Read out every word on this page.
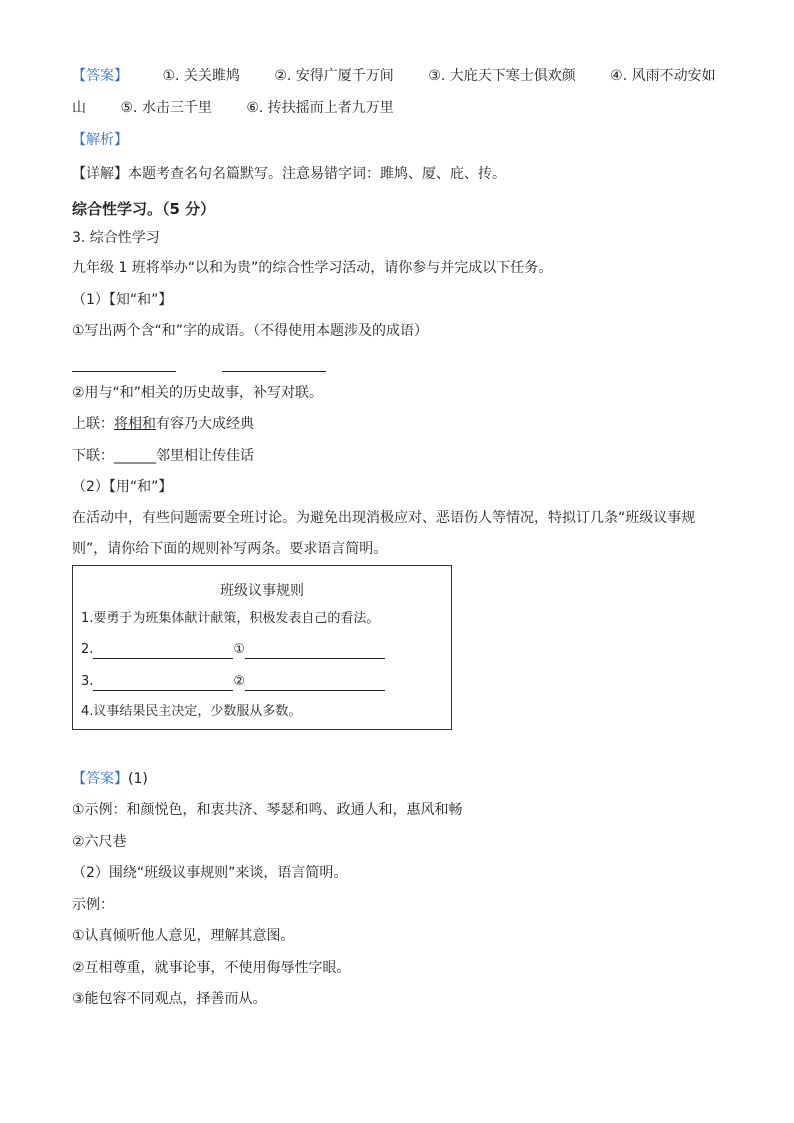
【答案】 ①. 关关雎鸠 ②. 安得广厦千万间 ③. 大庇天下寒士俱欢颜 ④. 风雨不动安如
山 ⑤. 水击三千里 ⑥. 抟扶摇而上者九万里
【解析】
【详解】本题考查名句名篇默写。注意易错字词：雎鸠、厦、庇、抟。
综合性学习。（5 分）
3. 综合性学习
九年级 1 班将举办“以和为贵”的综合性学习活动，请你参与并完成以下任务。
（1）【知“和”】
①写出两个含“和”字的成语。（不得使用本题涉及的成语）

②用与“和”相关的历史故事，补写对联。
上联：将相和有容乃大成经典
下联：______邻里相让传佳话
（2）【用“和”】
在活动中，有些问题需要全班讨论。为避免出现消极应对、恶语伤人等情况，特拟订几条“班级议事规
则”，请你给下面的规则补写两条。要求语言简明。
班级议事规则
1.要勇于为班集体献计献策，积极发表自己的看法。
2.	①
3.	②
4.议事结果民主决定，少数服从多数。
【答案】(1)
①示例：和颜悦色，和衷共济、琴瑟和鸣、政通人和，惠风和畅
②六尺巷
（2）围绕“班级议事规则”来谈，语言简明。
示例：
①认真倾听他人意见，理解其意图。
②互相尊重，就事论事，不使用侮辱性字眼。
③能包容不同观点，择善而从。
